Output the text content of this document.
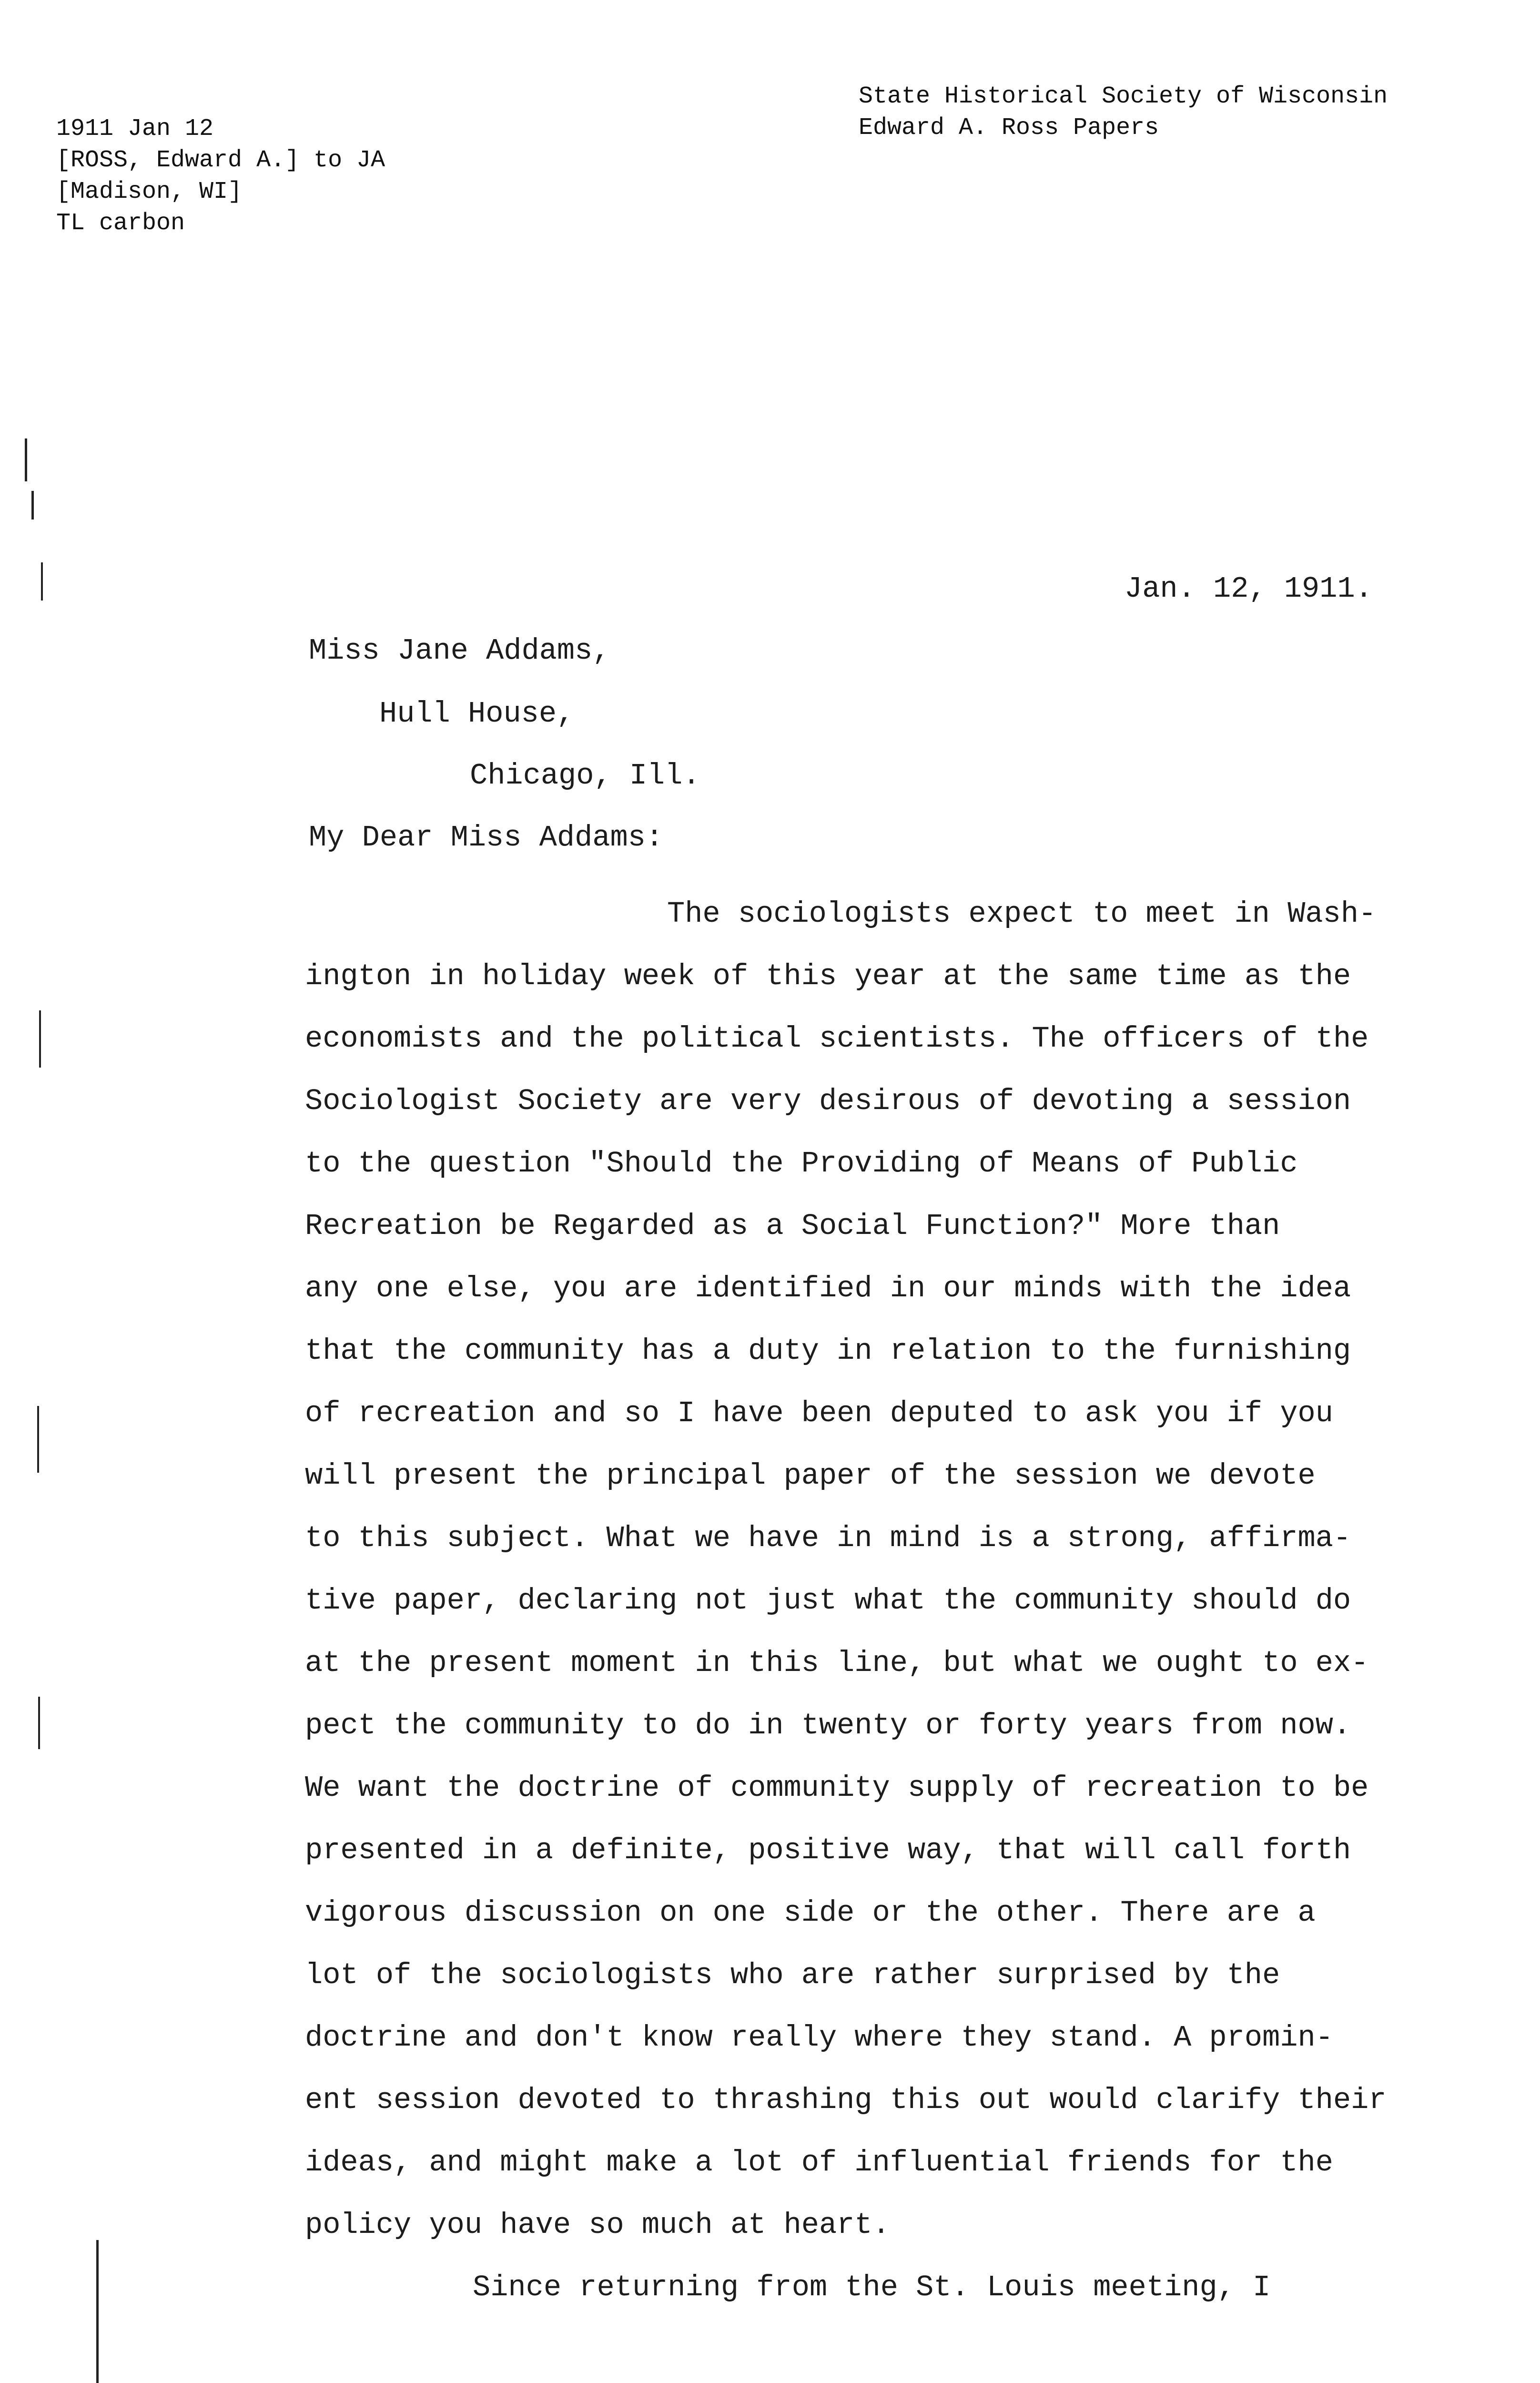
1911 Jan 12
[ROSS, Edward A.] to JA
[Madison, WI]
TL carbon
State Historical Society of Wisconsin
Edward A. Ross Papers
Jan. 12, 1911.
Miss Jane Addams,
Hull House,
Chicago, Ill.
My Dear Miss Addams:
The sociologists expect to meet in Wash-
ington in holiday week of this year at the same time as the
economists and the political scientists. The officers of the
Sociologist Society are very desirous of devoting a session
to the question "Should the Providing of Means of Public
Recreation be Regarded as a Social Function?" More than
any one else, you are identified in our minds with the idea
that the community has a duty in relation to the furnishing
of recreation and so I have been deputed to ask you if you
will present the principal paper of the session we devote
to this subject. What we have in mind is a strong, affirma-
tive paper, declaring not just what the community should do
at the present moment in this line, but what we ought to ex-
pect the community to do in twenty or forty years from now.
We want the doctrine of community supply of recreation to be
presented in a definite, positive way, that will call forth
vigorous discussion on one side or the other. There are a
lot of the sociologists who are rather surprised by the
doctrine and don't know really where they stand. A promin-
ent session devoted to thrashing this out would clarify their
ideas, and might make a lot of influential friends for the
policy you have so much at heart.
Since returning from the St. Louis meeting, I
